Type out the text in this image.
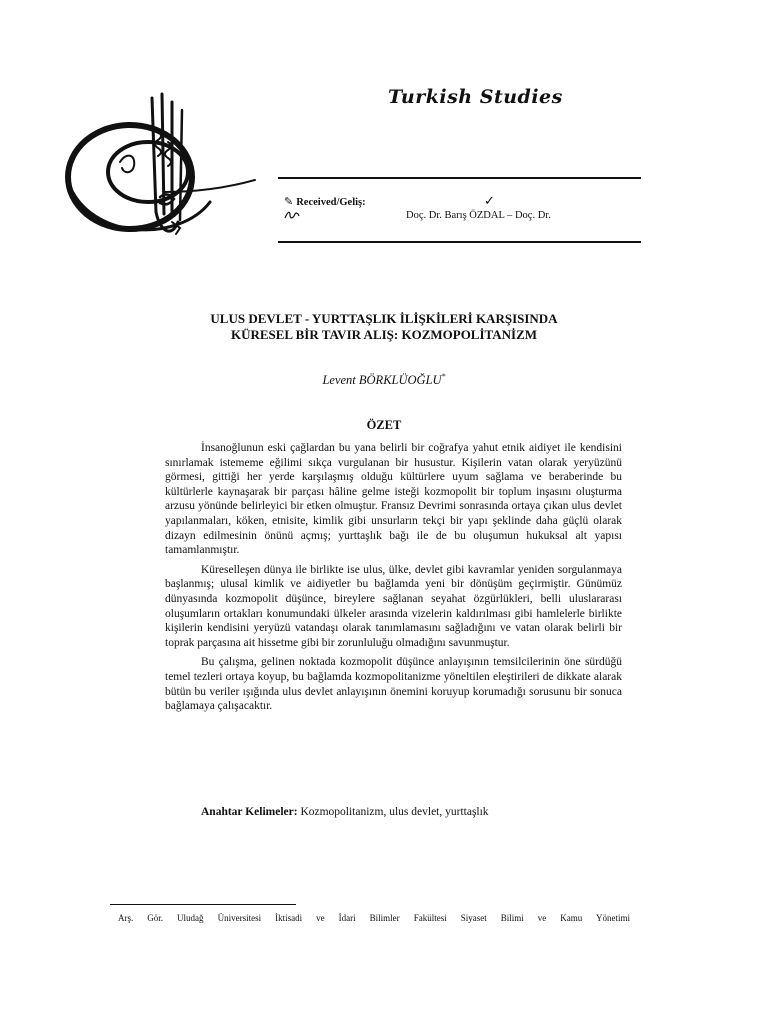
Turkish Studies
✎ Received/Geliş:	✓
Doç. Dr. Barış ÖZDAL – Doç. Dr.
ULUS DEVLET - YURTTAŞLIK İLİŞKİLERİ KARŞISINDA
KÜRESEL BİR TAVIR ALIŞ: KOZMOPOLİTANİZM
Levent BÖRKLÜOĞLU*
ÖZET

İnsanoğlunun eski çağlardan bu yana belirli bir coğrafya yahut etnik aidiyet ile kendisini sınırlamak istememe eğilimi sıkça vurgulanan bir husustur. Kişilerin vatan olarak yeryüzünü görmesi, gittiği her yerde karşılaşmış olduğu kültürlere uyum sağlama ve beraberinde bu kültürlerle kaynaşarak bir parçası hâline gelme isteği kozmopolit bir toplum inşasını oluşturma arzusu yönünde belirleyici bir etken olmuştur. Fransız Devrimi sonrasında ortaya çıkan ulus devlet yapılanmaları, köken, etnisite, kimlik gibi unsurların tekçi bir yapı şeklinde daha güçlü olarak dizayn edilmesinin önünü açmış; yurttaşlık bağı ile de bu oluşumun hukuksal alt yapısı tamamlanmıştır.

Küreselleşen dünya ile birlikte ise ulus, ülke, devlet gibi kavramlar yeniden sorgulanmaya başlanmış; ulusal kimlik ve aidiyetler bu bağlamda yeni bir dönüşüm geçirmiştir. Günümüz dünyasında kozmopolit düşünce, bireylere sağlanan seyahat özgürlükleri, belli uluslararası oluşumların ortakları konumundaki ülkeler arasında vizelerin kaldırılması gibi hamlelerle birlikte kişilerin kendisini yeryüzü vatandaşı olarak tanımlamasını sağladığını ve vatan olarak belirli bir toprak parçasına ait hissetme gibi bir zorunluluğu olmadığını savunmuştur.

Bu çalışma, gelinen noktada kozmopolit düşünce anlayışının temsilcilerinin öne sürdüğü temel tezleri ortaya koyup, bu bağlamda kozmopolitanizme yöneltilen eleştirileri de dikkate alarak bütün bu veriler ışığında ulus devlet anlayışının önemini koruyup korumadığı sorusunu bir sonuca bağlamaya çalışacaktır.

Anahtar Kelimeler: Kozmopolitanizm, ulus devlet, yurttaşlık
Arş. Gör. Uludağ Üniversitesi İktisadi ve İdari Bilimler Fakültesi Siyaset Bilimi ve Kamu Yönetimi
